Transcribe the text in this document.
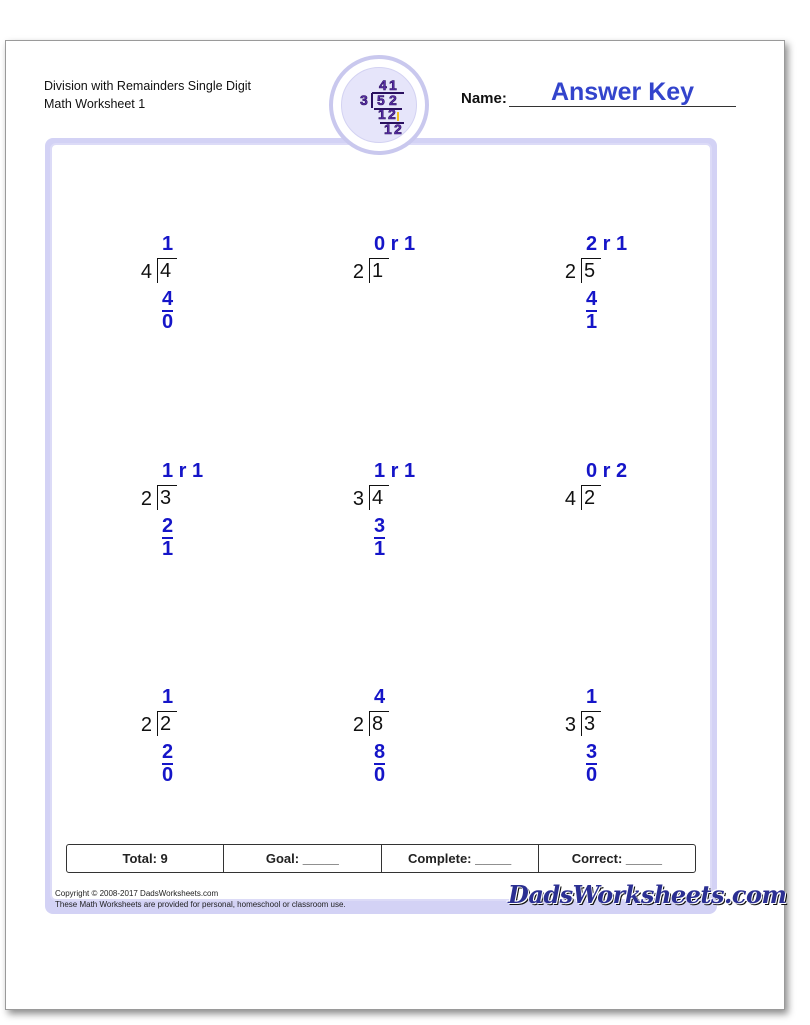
Division with Remainders Single Digit
Math Worksheet 1
4 1
3 5 2
1 2
1 2
Name:	Answer Key
1
4 4
4
0
0 r 1
2 1
2 r 1
2 5
4
1
1 r 1
2 3
2
1
1 r 1
3 4
3
1
0 r 2
4 2
1
2 2
2
0
4
2 8
8
0
1
3 3
3
0
Total: 9	Goal: _____	Complete: _____	Correct: _____
Copyright © 2008-2017 DadsWorksheets.com
These Math Worksheets are provided for personal, homeschool or classroom use.	DadsWorksheets.com
